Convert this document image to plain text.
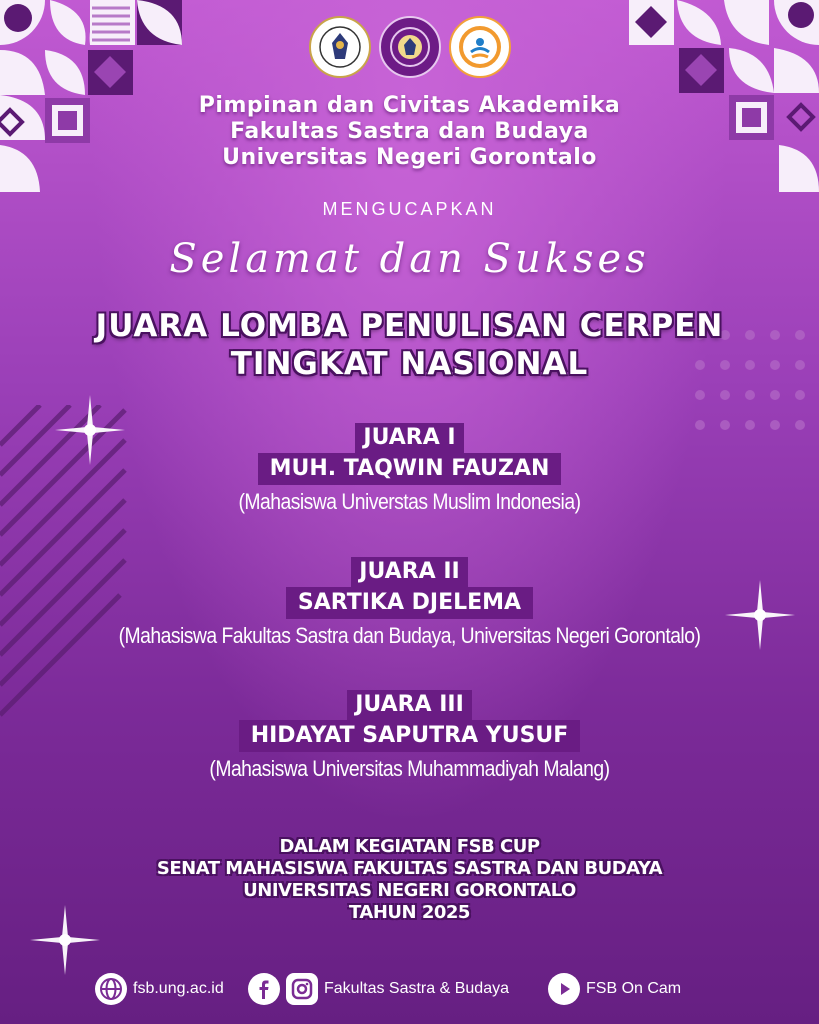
Pimpinan dan Civitas Akademika
Fakultas Sastra dan Budaya
Universitas Negeri Gorontalo
MENGUCAPKAN
Selamat dan Sukses
JUARA LOMBA PENULISAN CERPEN
TINGKAT NASIONAL
JUARA I
MUH. TAQWIN FAUZAN
(Mahasiswa Universtas Muslim Indonesia)
JUARA II
SARTIKA DJELEMA
(Mahasiswa Fakultas Sastra dan Budaya, Universitas Negeri Gorontalo)
JUARA III
HIDAYAT SAPUTRA YUSUF
(Mahasiswa Universitas Muhammadiyah Malang)
DALAM KEGIATAN FSB CUP
SENAT MAHASISWA FAKULTAS SASTRA DAN BUDAYA
UNIVERSITAS NEGERI GORONTALO
TAHUN 2025
fsb.ung.ac.id	Fakultas Sastra & Budaya	FSB On Cam
